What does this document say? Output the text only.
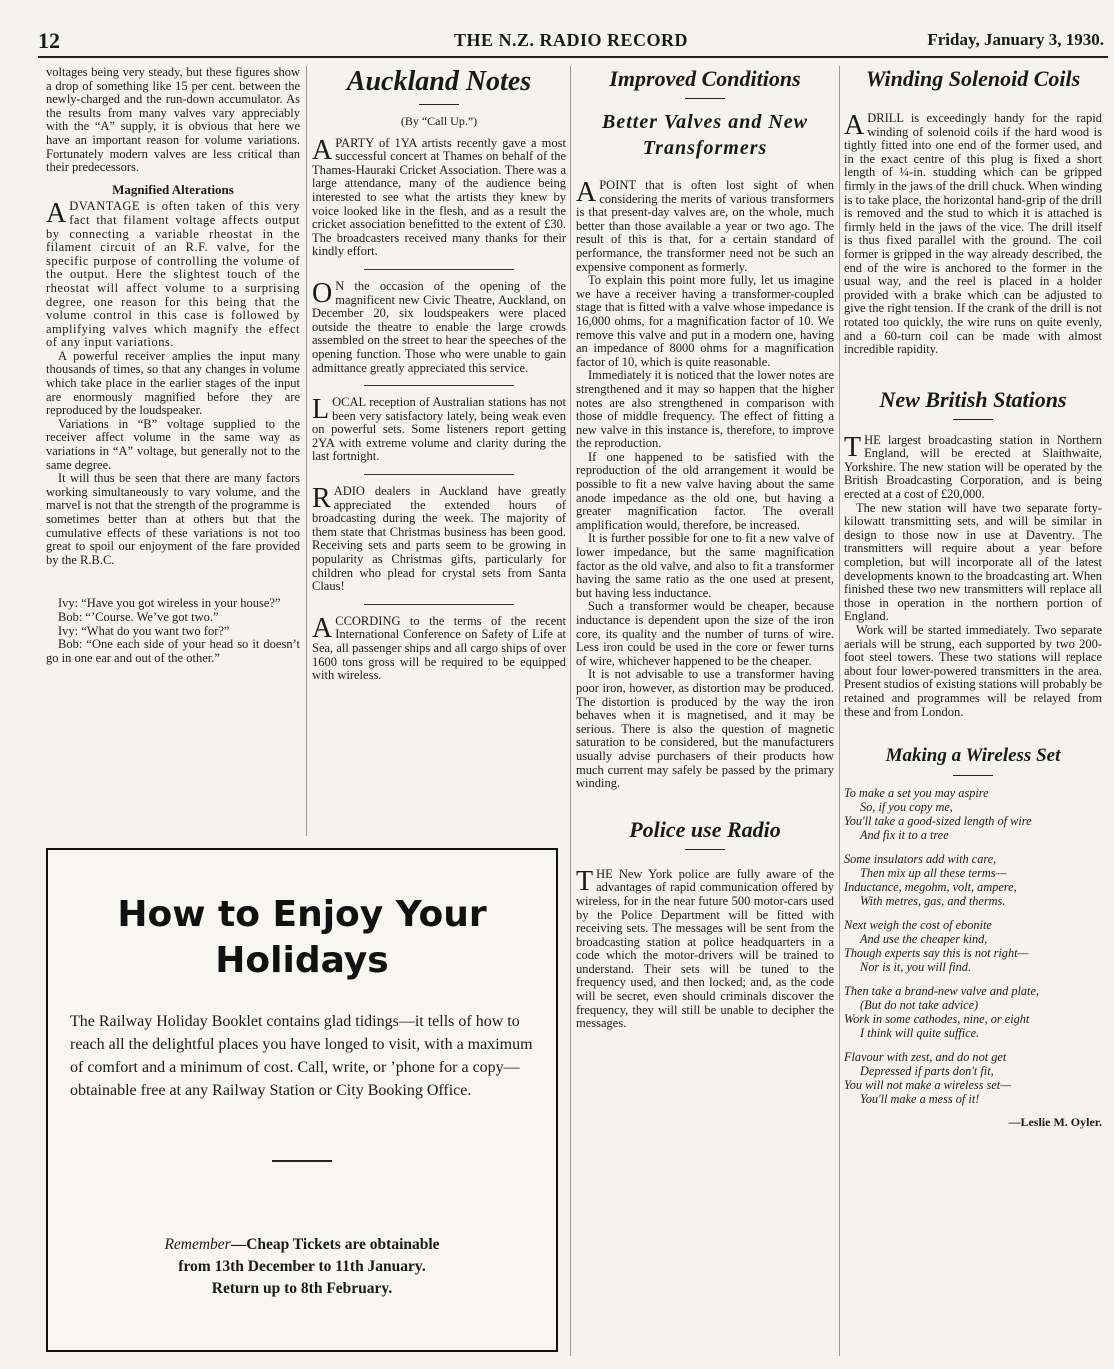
12	THE N.Z. RADIO RECORD	Friday, January 3, 1930.

voltages being very steady, but these figures show a drop of something like 15 per cent. between the newly-charged and the run-down accumulator. As the results from many valves vary appreciably with the “A” supply, it is obvious that here we have an important reason for volume variations. Fortunately modern valves are less critical than their predecessors.

Magnified Alterations

ADVANTAGE is often taken of this very fact that filament voltage affects output by connecting a variable rheostat in the filament circuit of an R.F. valve, for the specific purpose of controlling the volume of the output. Here the slightest touch of the rheostat will affect volume to a surprising degree, one reason for this being that the volume control in this case is followed by amplifying valves which magnify the effect of any input variations.

A powerful receiver amplies the input many thousands of times, so that any changes in volume which take place in the earlier stages of the input are enormously magnified before they are reproduced by the loudspeaker.

Variations in “B” voltage supplied to the receiver affect volume in the same way as variations in “A” voltage, but generally not to the same degree.

It will thus be seen that there are many factors working simultaneously to vary volume, and the marvel is not that the strength of the programme is sometimes better than at others but that the cumulative effects of these variations is not too great to spoil our enjoyment of the fare provided by the R.B.C.

Ivy: “Have you got wireless in your house?”

Bob: “’Course. We’ve got two.”

Ivy: “What do you want two for?”

Bob: “One each side of your head so it doesn’t go in one ear and out of the other.”

Auckland Notes
(By “Call Up.”)

A PARTY of 1YA artists recently gave a most successful concert at Thames on behalf of the Thames-Hauraki Cricket Association. There was a large attendance, many of the audience being interested to see what the artists they knew by voice looked like in the flesh, and as a result the cricket association benefitted to the extent of £30. The broadcasters received many thanks for their kindly effort.

O N the occasion of the opening of the magnificent new Civic Theatre, Auckland, on December 20, six loudspeakers were placed outside the theatre to enable the large crowds assembled on the street to hear the speeches of the opening function. Those who were unable to gain admittance greatly appreciated this service.

LOCAL reception of Australian stations has not been very satisfactory lately, being weak even on powerful sets. Some listeners report getting 2YA with extreme volume and clarity during the last fortnight.

RADIO dealers in Auckland have greatly appreciated the extended hours of broadcasting during the week. The majority of them state that Christmas business has been good. Receiving sets and parts seem to be growing in popularity as Christmas gifts, particularly for children who plead for crystal sets from Santa Claus!

ACCORDING to the terms of the recent International Conference on Safety of Life at Sea, all passenger ships and all cargo ships of over 1600 tons gross will be required to be equipped with wireless.

How to Enjoy Your
Holidays
The Railway Holiday Booklet contains glad tidings—it tells of how to reach all the delightful places you have longed to visit, with a maximum of comfort and a minimum of cost. Call, write, or ’phone for a copy—obtainable free at any Railway Station or City Booking Office.
Remember—Cheap Tickets are obtainable
from 13th December to 11th January.
Return up to 8th February.
Improved Conditions
Better Valves and New Transformers

A POINT that is often lost sight of when considering the merits of various transformers is that present-day valves are, on the whole, much better than those available a year or two ago. The result of this is that, for a certain standard of performance, the transformer need not be such an expensive component as formerly.

To explain this point more fully, let us imagine we have a receiver having a transformer-coupled stage that is fitted with a valve whose impedance is 16,000 ohms, for a magnification factor of 10. We remove this valve and put in a modern one, having an impedance of 8000 ohms for a magnification factor of 10, which is quite reasonable.

Immediately it is noticed that the lower notes are strengthened and it may so happen that the higher notes are also strengthened in comparison with those of middle frequency. The effect of fitting a new valve in this instance is, therefore, to improve the reproduction.

If one happened to be satisfied with the reproduction of the old arrangement it would be possible to fit a new valve having about the same anode impedance as the old one, but having a greater magnification factor. The overall amplification would, therefore, be increased.

It is further possible for one to fit a new valve of lower impedance, but the same magnification factor as the old valve, and also to fit a transformer having the same ratio as the one used at present, but having less inductance.

Such a transformer would be cheaper, because inductance is dependent upon the size of the iron core, its quality and the number of turns of wire. Less iron could be used in the core or fewer turns of wire, whichever happened to be the cheaper.

It is not advisable to use a transformer having poor iron, however, as distortion may be produced. The distortion is produced by the way the iron behaves when it is magnetised, and it may be serious. There is also the question of magnetic saturation to be considered, but the manufacturers usually advise purchasers of their products how much current may safely be passed by the primary winding.

Police use Radio

THE New York police are fully aware of the advantages of rapid communication offered by wireless, for in the near future 500 motor-cars used by the Police Department will be fitted with receiving sets. The messages will be sent from the broadcasting station at police headquarters in a code which the motor-drivers will be trained to understand. Their sets will be tuned to the frequency used, and then locked; and, as the code will be secret, even should criminals discover the frequency, they will still be unable to decipher the messages.

Winding Solenoid Coils

A DRILL is exceedingly handy for the rapid winding of solenoid coils if the hard wood is tightly fitted into one end of the former used, and in the exact centre of this plug is fixed a short length of ¼-in. studding which can be gripped firmly in the jaws of the drill chuck. When winding is to take place, the horizontal hand-grip of the drill is removed and the stud to which it is attached is firmly held in the jaws of the vice. The drill itself is thus fixed parallel with the ground. The coil former is gripped in the way already described, the end of the wire is anchored to the former in the usual way, and the reel is placed in a holder provided with a brake which can be adjusted to give the right tension. If the crank of the drill is not rotated too quickly, the wire runs on quite evenly, and a 60-turn coil can be made with almost incredible rapidity.

New British Stations

THE largest broadcasting station in Northern England, will be erected at Slaithwaite, Yorkshire. The new station will be operated by the British Broadcasting Corporation, and is being erected at a cost of £20,000.

The new station will have two separate forty-kilowatt transmitting sets, and will be similar in design to those now in use at Daventry. The transmitters will require about a year before completion, but will incorporate all of the latest developments known to the broadcasting art. When finished these two new transmitters will replace all those in operation in the northern portion of England.

Work will be started immediately. Two separate aerials will be strung, each supported by two 200-foot steel towers. These two stations will replace about four lower-powered transmitters in the area. Present studios of existing stations will probably be retained and programmes will be relayed from these and from London.

Making a Wireless Set
To make a set you may aspire
So, if you copy me,
You'll take a good-sized length of wire
And fix it to a tree
Some insulators add with care,
Then mix up all these terms—
Inductance, megohm, volt, ampere,
With metres, gas, and therms.
Next weigh the cost of ebonite
And use the cheaper kind,
Though experts say this is not right—
Nor is it, you will find.
Then take a brand-new valve and plate,
(But do not take advice)
Work in some cathodes, nine, or eight
I think will quite suffice.
Flavour with zest, and do not get
Depressed if parts don't fit,
You will not make a wireless set—
You'll make a mess of it!
—Leslie M. Oyler.
